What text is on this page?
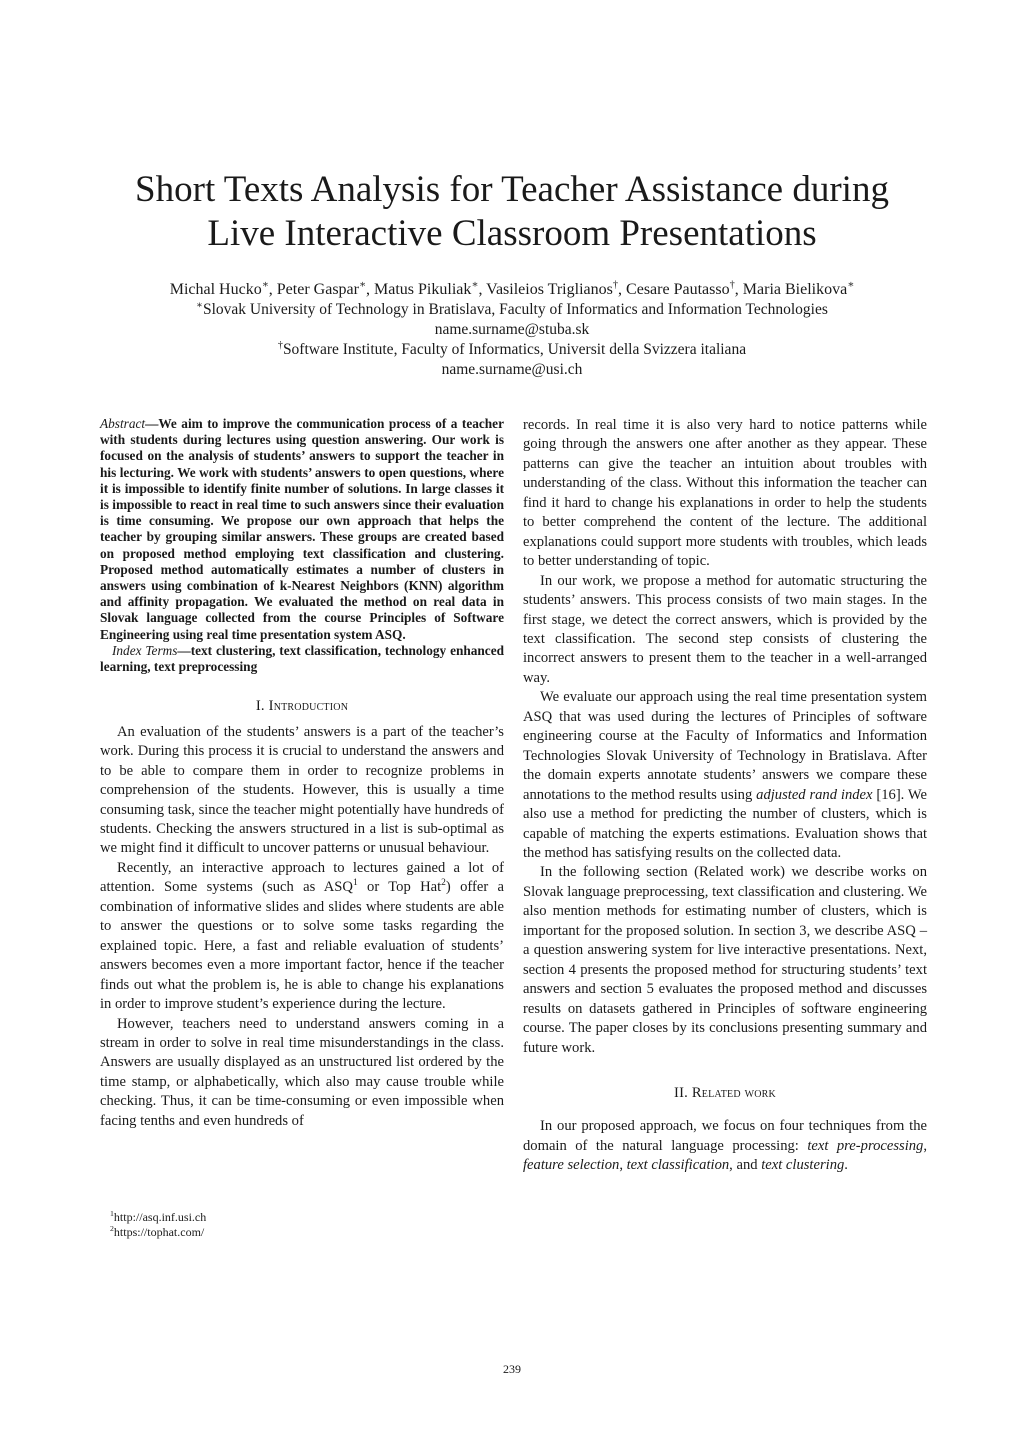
Short Texts Analysis for Teacher Assistance during
Live Interactive Classroom Presentations
Michal Hucko∗, Peter Gaspar∗, Matus Pikuliak∗, Vasileios Triglianos†, Cesare Pautasso†, Maria Bielikova∗
∗Slovak University of Technology in Bratislava, Faculty of Informatics and Information Technologies
name.surname@stuba.sk
†Software Institute, Faculty of Informatics, Universit della Svizzera italiana
name.surname@usi.ch

Abstract—We aim to improve the communication process of a teacher with students during lectures using question answering. Our work is focused on the analysis of students’ answers to support the teacher in his lecturing. We work with students’ answers to open questions, where it is impossible to identify finite number of solutions. In large classes it is impossible to react in real time to such answers since their evaluation is time consuming. We propose our own approach that helps the teacher by grouping similar answers. These groups are created based on proposed method employing text classification and clustering. Proposed method automatically estimates a number of clusters in answers using combination of k-Nearest Neighbors (KNN) algorithm and affinity propagation. We evaluated the method on real data in Slovak language collected from the course Principles of Software Engineering using real time presentation system ASQ.

Index Terms—text clustering, text classification, technology enhanced learning, text preprocessing

I. Introduction

An evaluation of the students’ answers is a part of the teacher’s work. During this process it is crucial to understand the answers and to be able to compare them in order to recognize problems in comprehension of the students. However, this is usually a time consuming task, since the teacher might potentially have hundreds of students. Checking the answers structured in a list is sub-optimal as we might find it difficult to uncover patterns or unusual behaviour.

Recently, an interactive approach to lectures gained a lot of attention. Some systems (such as ASQ$^1$ or Top Hat$^2$) offer a combination of informative slides and slides where students are able to answer the questions or to solve some tasks regarding the explained topic. Here, a fast and reliable evaluation of students’ answers becomes even a more important factor, hence if the teacher finds out what the problem is, he is able to change his explanations in order to improve student’s experience during the lecture.

However, teachers need to understand answers coming in a stream in order to solve in real time misunderstandings in the class. Answers are usually displayed as an unstructured list ordered by the time stamp, or alphabetically, which also may cause trouble while checking. Thus, it can be time-consuming or even impossible when facing tenths and even hundreds of

$^1$http://asq.inf.usi.ch
$^2$https://tophat.com/

records. In real time it is also very hard to notice patterns while going through the answers one after another as they appear. These patterns can give the teacher an intuition about troubles with understanding of the class. Without this information the teacher can find it hard to change his explanations in order to help the students to better comprehend the content of the lecture. The additional explanations could support more students with troubles, which leads to better understanding of topic.

In our work, we propose a method for automatic structuring the students’ answers. This process consists of two main stages. In the first stage, we detect the correct answers, which is provided by the text classification. The second step consists of clustering the incorrect answers to present them to the teacher in a well-arranged way.

We evaluate our approach using the real time presentation system ASQ that was used during the lectures of Principles of software engineering course at the Faculty of Informatics and Information Technologies Slovak University of Technology in Bratislava. After the domain experts annotate students’ answers we compare these annotations to the method results using adjusted rand index [16]. We also use a method for predicting the number of clusters, which is capable of matching the experts estimations. Evaluation shows that the method has satisfying results on the collected data.

In the following section (Related work) we describe works on Slovak language preprocessing, text classification and clustering. We also mention methods for estimating number of clusters, which is important for the proposed solution. In section 3, we describe ASQ – a question answering system for live interactive presentations. Next, section 4 presents the proposed method for structuring students’ text answers and section 5 evaluates the proposed method and discusses results on datasets gathered in Principles of software engineering course. The paper closes by its conclusions presenting summary and future work.

II. Related work

In our proposed approach, we focus on four techniques from the domain of the natural language processing: text pre-processing, feature selection, text classification, and text clustering.

239
